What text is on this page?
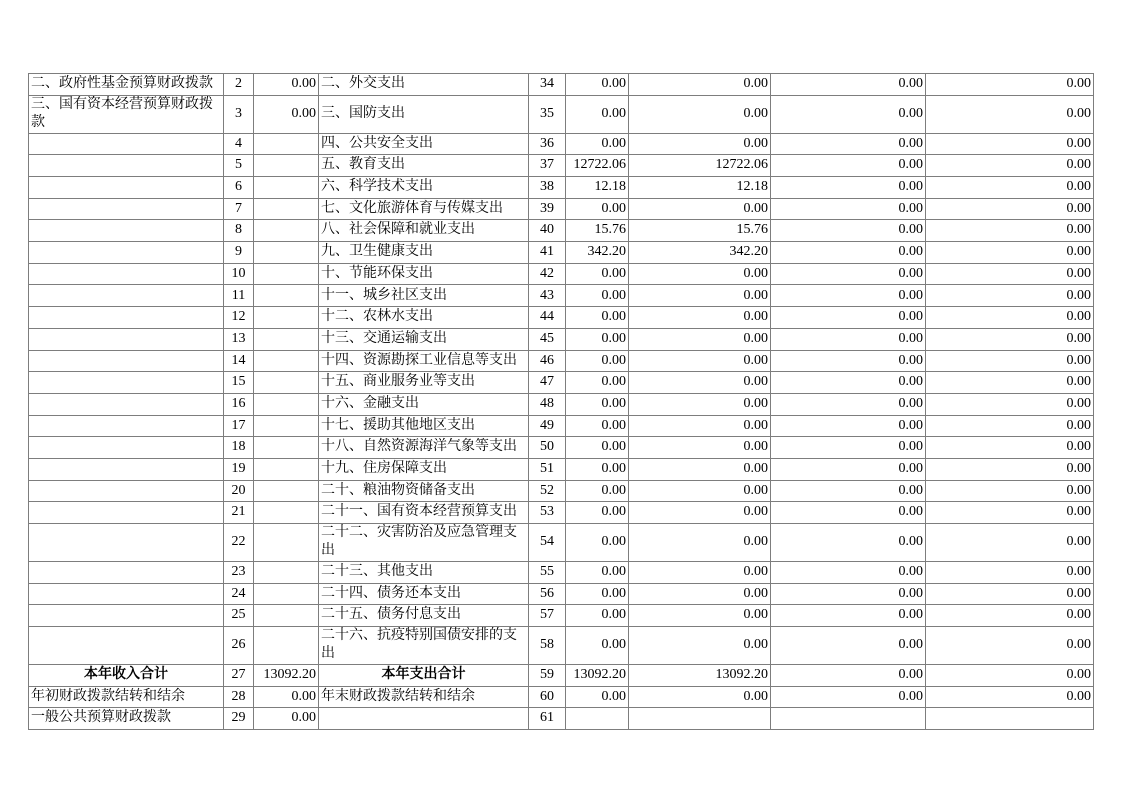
二、政府性基金预算财政拨款	2	0.00	二、外交支出	34	0.00	0.00	0.00	0.00
三、国有资本经营预算财政拨款	3	0.00	三、国防支出	35	0.00	0.00	0.00	0.00
	4		四、公共安全支出	36	0.00	0.00	0.00	0.00
	5		五、教育支出	37	12722.06	12722.06	0.00	0.00
	6		六、科学技术支出	38	12.18	12.18	0.00	0.00
	7		七、文化旅游体育与传媒支出	39	0.00	0.00	0.00	0.00
	8		八、社会保障和就业支出	40	15.76	15.76	0.00	0.00
	9		九、卫生健康支出	41	342.20	342.20	0.00	0.00
	10		十、节能环保支出	42	0.00	0.00	0.00	0.00
	11		十一、城乡社区支出	43	0.00	0.00	0.00	0.00
	12		十二、农林水支出	44	0.00	0.00	0.00	0.00
	13		十三、交通运输支出	45	0.00	0.00	0.00	0.00
	14		十四、资源勘探工业信息等支出	46	0.00	0.00	0.00	0.00
	15		十五、商业服务业等支出	47	0.00	0.00	0.00	0.00
	16		十六、金融支出	48	0.00	0.00	0.00	0.00
	17		十七、援助其他地区支出	49	0.00	0.00	0.00	0.00
	18		十八、自然资源海洋气象等支出	50	0.00	0.00	0.00	0.00
	19		十九、住房保障支出	51	0.00	0.00	0.00	0.00
	20		二十、粮油物资储备支出	52	0.00	0.00	0.00	0.00
	21		二十一、国有资本经营预算支出	53	0.00	0.00	0.00	0.00
	22		二十二、灾害防治及应急管理支出	54	0.00	0.00	0.00	0.00
	23		二十三、其他支出	55	0.00	0.00	0.00	0.00
	24		二十四、债务还本支出	56	0.00	0.00	0.00	0.00
	25		二十五、债务付息支出	57	0.00	0.00	0.00	0.00
	26		二十六、抗疫特别国债安排的支出	58	0.00	0.00	0.00	0.00
本年收入合计	27	13092.20	本年支出合计	59	13092.20	13092.20	0.00	0.00
年初财政拨款结转和结余	28	0.00	年末财政拨款结转和结余	60	0.00	0.00	0.00	0.00
一般公共预算财政拨款	29	0.00		61				
